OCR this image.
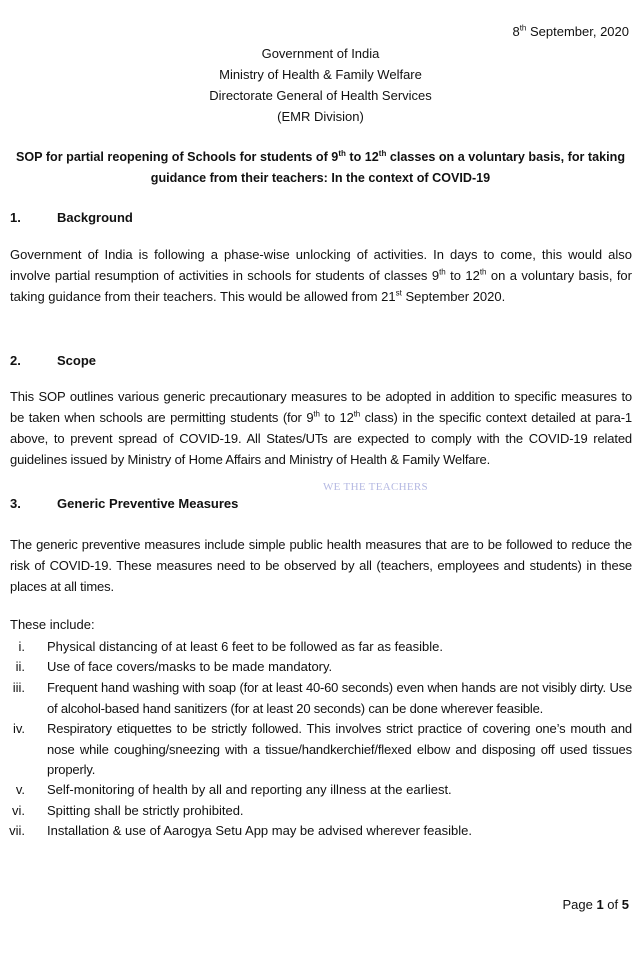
8th September, 2020
Government of India
Ministry of Health & Family Welfare
Directorate General of Health Services
(EMR Division)
SOP for partial reopening of Schools for students of 9th to 12th classes on a voluntary basis, for taking guidance from their teachers: In the context of COVID-19
1.	Background
Government of India is following a phase-wise unlocking of activities. In days to come, this would also involve partial resumption of activities in schools for students of classes 9th to 12th on a voluntary basis, for taking guidance from their teachers. This would be allowed from 21st September 2020.
2.	Scope
This SOP outlines various generic precautionary measures to be adopted in addition to specific measures to be taken when schools are permitting students (for 9th to 12th class) in the specific context detailed at para-1 above, to prevent spread of COVID-19. All States/UTs are expected to comply with the COVID-19 related guidelines issued by Ministry of Home Affairs and Ministry of Health & Family Welfare.
WE THE TEACHERS
3.	Generic Preventive Measures
The generic preventive measures include simple public health measures that are to be followed to reduce the risk of COVID-19. These measures need to be observed by all (teachers, employees and students) in these places at all times.
These include:
i. Physical distancing of at least 6 feet to be followed as far as feasible.
ii. Use of face covers/masks to be made mandatory.
iii. Frequent hand washing with soap (for at least 40-60 seconds) even when hands are not visibly dirty. Use of alcohol-based hand sanitizers (for at least 20 seconds) can be done wherever feasible.
iv. Respiratory etiquettes to be strictly followed. This involves strict practice of covering one’s mouth and nose while coughing/sneezing with a tissue/handkerchief/flexed elbow and disposing off used tissues properly.
v. Self-monitoring of health by all and reporting any illness at the earliest.
vi. Spitting shall be strictly prohibited.
vii. Installation & use of Aarogya Setu App may be advised wherever feasible.
Page 1 of 5
